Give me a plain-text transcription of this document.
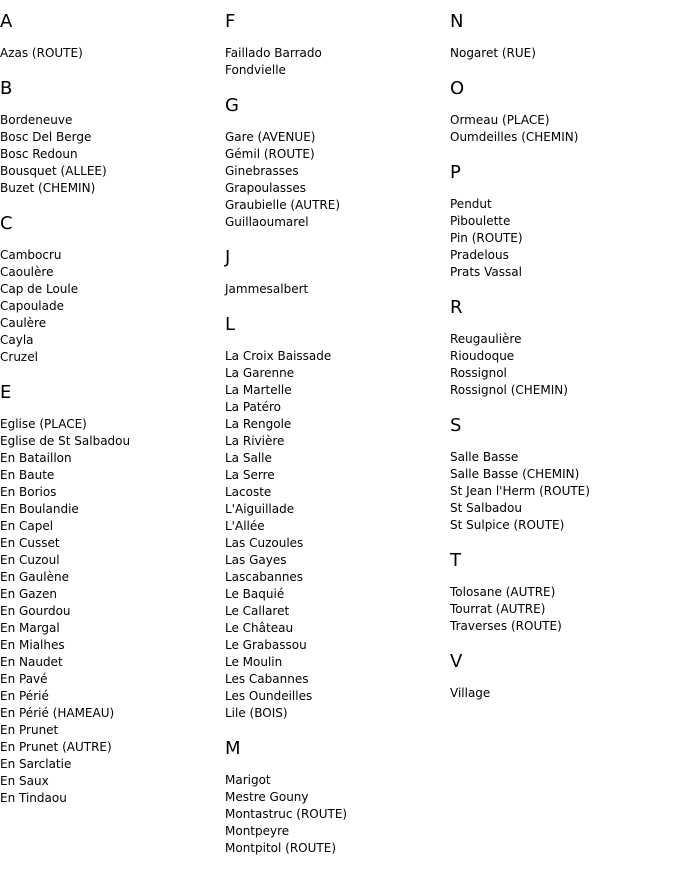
A
Azas (ROUTE)
B
Bordeneuve
Bosc Del Berge
Bosc Redoun
Bousquet (ALLEE)
Buzet (CHEMIN)
C
Cambocru
Caoulère
Cap de Loule
Capoulade
Caulère
Cayla
Cruzel
E
Eglise (PLACE)
Eglise de St Salbadou
En Bataillon
En Baute
En Borios
En Boulandie
En Capel
En Cusset
En Cuzoul
En Gaulène
En Gazen
En Gourdou
En Margal
En Mialhes
En Naudet
En Pavé
En Périé
En Périé (HAMEAU)
En Prunet
En Prunet (AUTRE)
En Sarclatie
En Saux
En Tindaou
F
Faillado Barrado
Fondvielle
G
Gare (AVENUE)
Gémil (ROUTE)
Ginebrasses
Grapoulasses
Graubielle (AUTRE)
Guillaoumarel
J
Jammesalbert
L
La Croix Baissade
La Garenne
La Martelle
La Patéro
La Rengole
La Rivière
La Salle
La Serre
Lacoste
L'Aiguillade
L'Allée
Las Cuzoules
Las Gayes
Lascabannes
Le Baquié
Le Callaret
Le Château
Le Grabassou
Le Moulin
Les Cabannes
Les Oundeilles
Lile (BOIS)
M
Marigot
Mestre Gouny
Montastruc (ROUTE)
Montpeyre
Montpitol (ROUTE)
N
Nogaret (RUE)
O
Ormeau (PLACE)
Oumdeilles (CHEMIN)
P
Pendut
Piboulette
Pin (ROUTE)
Pradelous
Prats Vassal
R
Reugaulière
Rioudoque
Rossignol
Rossignol (CHEMIN)
S
Salle Basse
Salle Basse (CHEMIN)
St Jean l'Herm (ROUTE)
St Salbadou
St Sulpice (ROUTE)
T
Tolosane (AUTRE)
Tourrat (AUTRE)
Traverses (ROUTE)
V
Village
